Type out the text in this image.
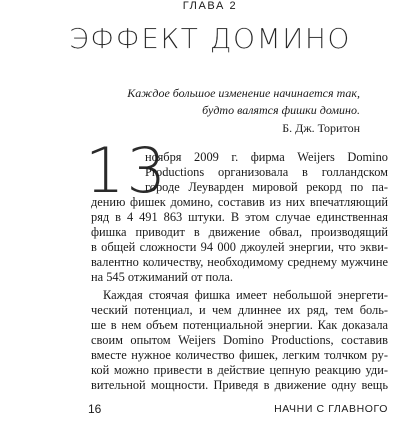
ГЛАВА 2
ЭФФЕКТ ДОМИНО
Каждое большое изменение начинается так,
будто валятся фишки домино.
Б. Дж. Торитон
13
ноября 2009 г. фирма Weijers Domino
Productions организовала в голландском
городе Леуварден мировой рекорд по па-
дению фишек домино, составив из них впечатляющий
ряд в 4 491 863 штуки. В этом случае единственная
фишка приводит в движение обвал, производящий
в общей сложности 94 000 джоулей энергии, что экви-
валентно количеству, необходимому среднему мужчине
на 545 отжиманий от пола.
Каждая стоячая фишка имеет небольшой энергети-
ческий потенциал, и чем длиннее их ряд, тем боль-
ше в нем объем потенциальной энергии. Как доказала
своим опытом Weijers Domino Productions, составив
вместе нужное количество фишек, легким толчком ру-
кой можно привести в действие цепную реакцию уди-
вительной мощности. Приведя в движение одну вещь
16	НАЧНИ С ГЛАВНОГО
